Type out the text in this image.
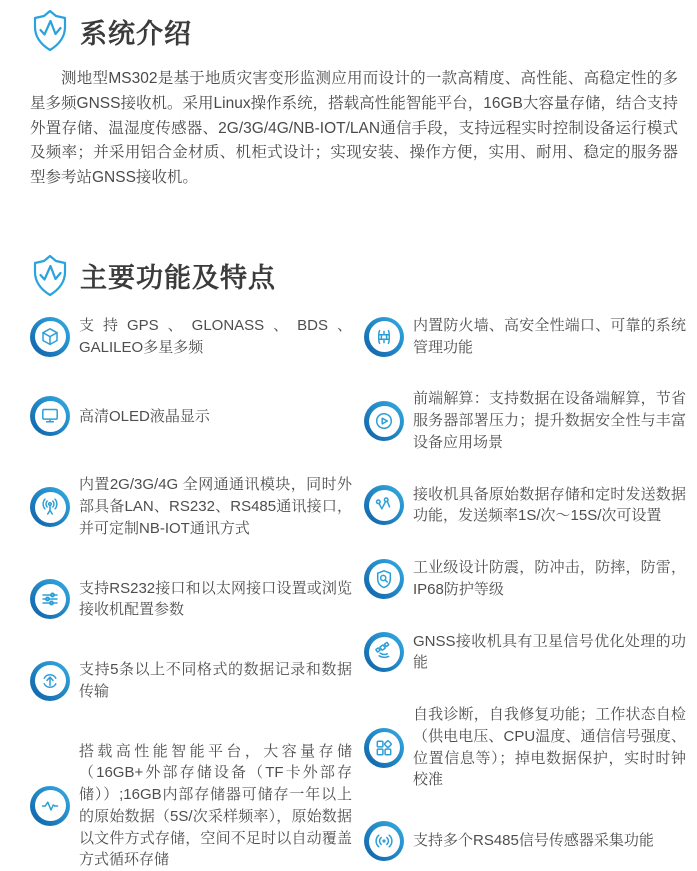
系统介绍

测地型MS302是基于地质灾害变形监测应用而设计的一款高精度、高性能、高稳定性的多星多频GNSS接收机。采用Linux操作系统，搭载高性能智能平台，16GB大容量存储，结合支持外置存储、温湿度传感器、2G/3G/4G/NB-IOT/LAN通信手段，支持远程实时控制设备运行模式及频率；并采用铝合金材质、机柜式设计；实现安装、操作方便，实用、耐用、稳定的服务器型参考站GNSS接收机。

主要功能及特点

支持GPS、GLONASS、BDS、GALILEO多星多频

高清OLED液晶显示

内置2G/3G/4G 全网通通讯模块，同时外部具备LAN、RS232、RS485通讯接口，并可定制NB-IOT通讯方式

支持RS232接口和以太网接口设置或浏览接收机配置参数

支持5条以上不同格式的数据记录和数据传输

搭载高性能智能平台，大容量存储（16GB+外部存储设备（TF卡外部存储））;16GB内部存储器可储存一年以上的原始数据（5S/次采样频率），原始数据以文件方式存储，空间不足时以自动覆盖方式循环存储

内置防火墙、高安全性端口、可靠的系统管理功能

前端解算：支持数据在设备端解算，节省服务器部署压力；提升数据安全性与丰富设备应用场景

接收机具备原始数据存储和定时发送数据功能，发送频率1S/次～15S/次可设置

工业级设计防震，防冲击，防摔，防雷，IP68防护等级

GNSS接收机具有卫星信号优化处理的功能

自我诊断，自我修复功能；工作状态自检（供电电压、CPU温度、通信信号强度、位置信息等）；掉电数据保护，实时时钟校准

支持多个RS485信号传感器采集功能
